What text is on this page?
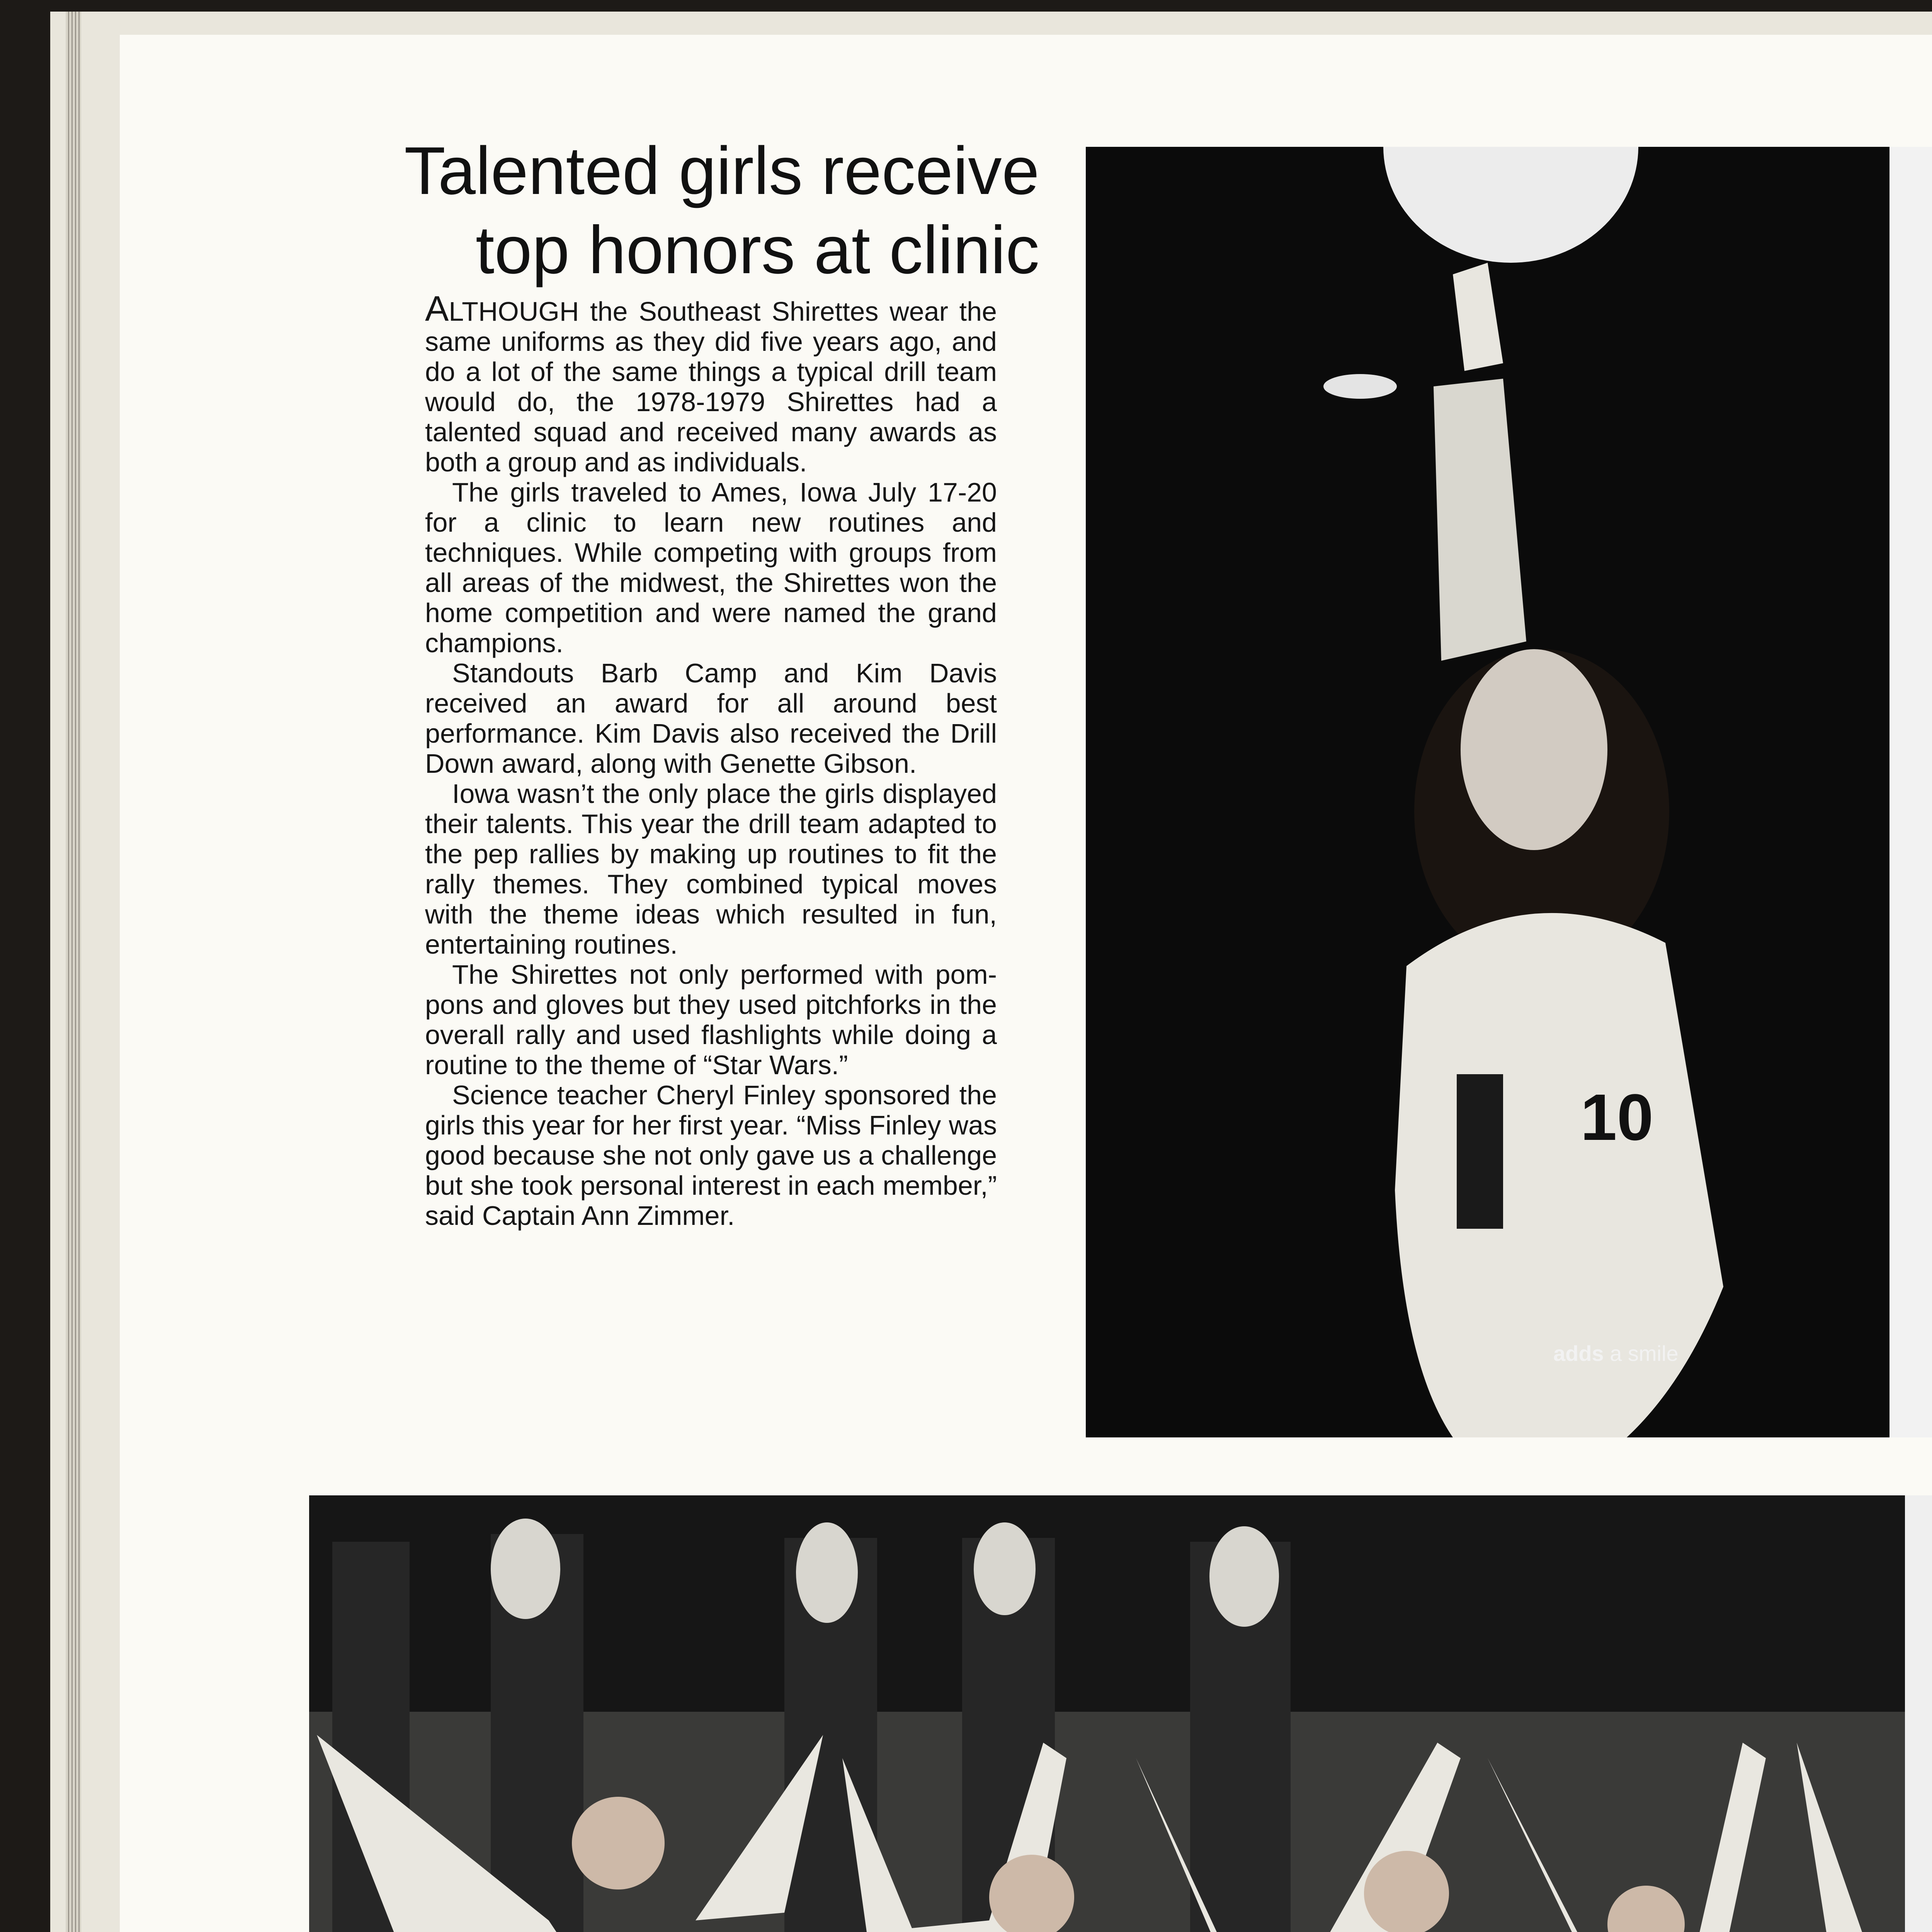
Talented girls receive
top honors at clinic

ALTHOUGH the Southeast Shirettes wear the same uniforms as they did five years ago, and do a lot of the same things a typical drill team would do, the 1978-1979 Shirettes had a talented squad and received many awards as both a group and as individuals.

The girls traveled to Ames, Iowa July 17-20 for a clinic to learn new routines and techniques. While competing with groups from all areas of the midwest, the Shirettes won the home competition and were named the grand champions.

Standouts Barb Camp and Kim Davis received an award for all around best performance. Kim Davis also received the Drill Down award, along with Genette Gibson.

Iowa wasn’t the only place the girls displayed their talents. This year the drill team adapted to the pep rallies by making up routines to fit the rally themes. They combined typical moves with the theme ideas which resulted in fun, entertaining routines.

The Shirettes not only performed with pom-pons and gloves but they used pitchforks in the overall rally and used flashlights while doing a routine to the theme of “Star Wars.”

Science teacher Cheryl Finley sponsored the girls this year for her first year. “Miss Finley was good because she not only gave us a challenge but she took personal interest in each member,” said Captain Ann Zimmer.

10
adds a smile
